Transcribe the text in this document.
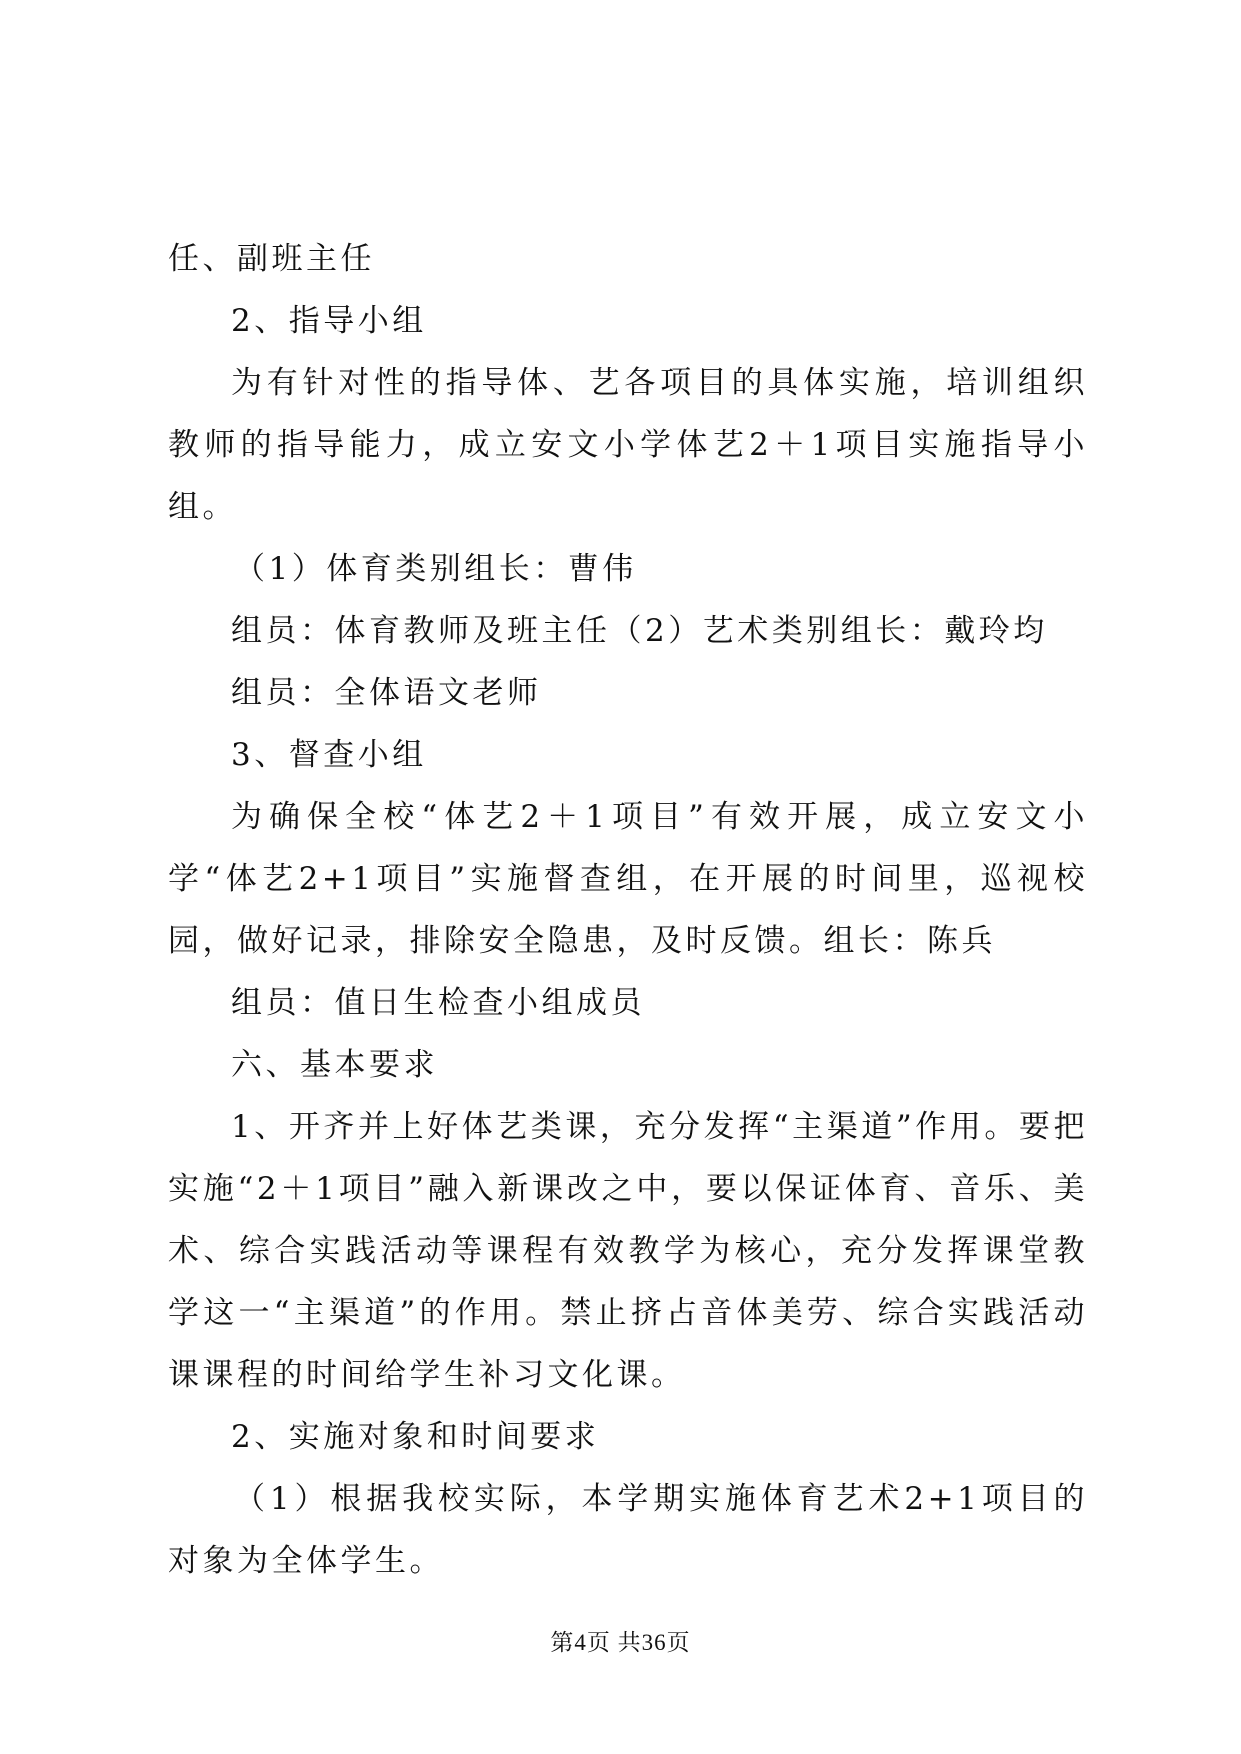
任、副班主任

2、指导小组

为有针对性的指导体、艺各项目的具体实施，培训组织教师的指导能力，成立安文小学体艺2＋1项目实施指导小组。

（1）体育类别组长：曹伟

组员：体育教师及班主任（2）艺术类别组长：戴玲均

组员：全体语文老师

3、督查小组

为确保全校“体艺2＋1项目”有效开展，成立安文小学“体艺2+1项目”实施督查组，在开展的时间里，巡视校园，做好记录，排除安全隐患，及时反馈。组长：陈兵

组员：值日生检查小组成员

六、基本要求

1、开齐并上好体艺类课，充分发挥“主渠道”作用。要把实施“2＋1项目”融入新课改之中，要以保证体育、音乐、美术、综合实践活动等课程有效教学为核心，充分发挥课堂教学这一“主渠道”的作用。禁止挤占音体美劳、综合实践活动课课程的时间给学生补习文化课。

2、实施对象和时间要求

（1）根据我校实际，本学期实施体育艺术2+1项目的对象为全体学生。

第4页 共36页
